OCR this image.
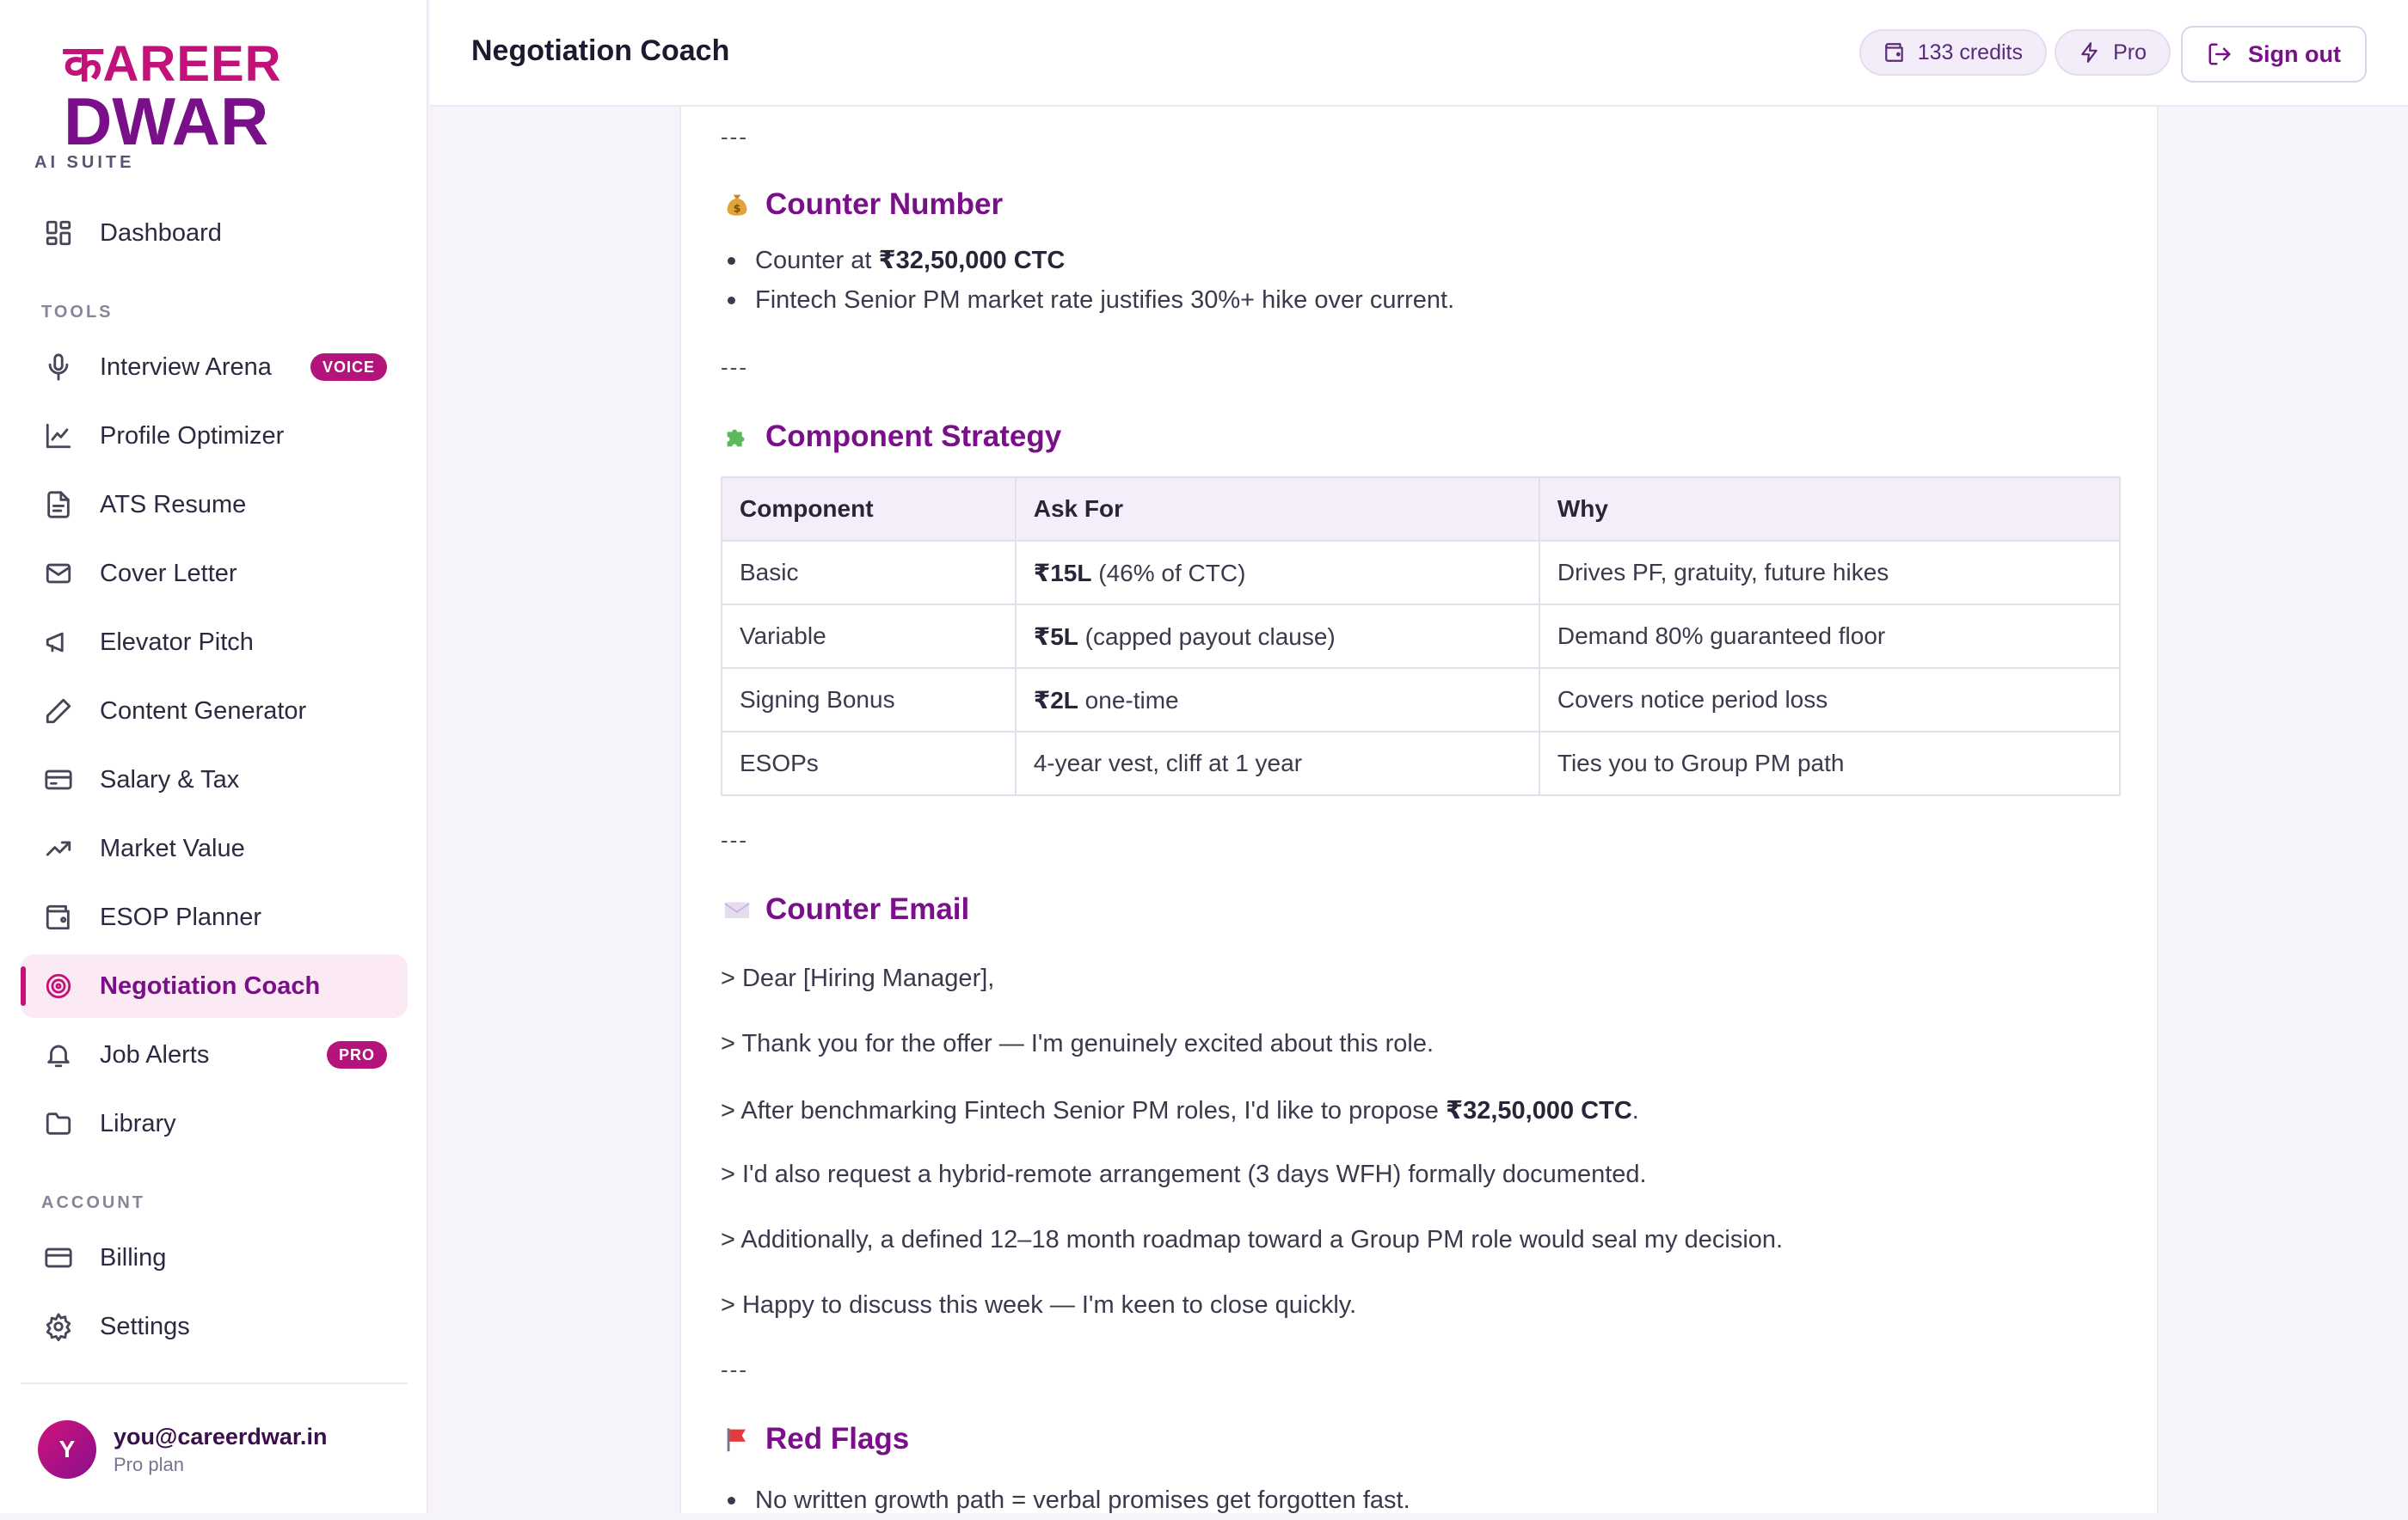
कAREER
DWAR
AI SUITE
Dashboard
TOOLS
Interview Arena	VOICE
Profile Optimizer
ATS Resume
Cover Letter
Elevator Pitch
Content Generator
Salary & Tax
Market Value
ESOP Planner
Negotiation Coach
Job Alerts	PRO
Library
ACCOUNT
Billing
Settings
Y	you@careerdwar.in
Pro plan
---
$ Counter Number
Counter at ₹32,50,000 CTC
Fintech Senior PM market rate justifies 30%+ hike over current.
---
Component Strategy
Component	Ask For	Why
Basic	₹15L (46% of CTC)	Drives PF, gratuity, future hikes
Variable	₹5L (capped payout clause)	Demand 80% guaranteed floor
Signing Bonus	₹2L one-time	Covers notice period loss
ESOPs	4-year vest, cliff at 1 year	Ties you to Group PM path
---
Counter Email
> Dear [Hiring Manager],
> Thank you for the offer — I'm genuinely excited about this role.
> After benchmarking Fintech Senior PM roles, I'd like to propose ₹32,50,000 CTC.
> I'd also request a hybrid-remote arrangement (3 days WFH) formally documented.
> Additionally, a defined 12–18 month roadmap toward a Group PM role would seal my decision.
> Happy to discuss this week — I'm keen to close quickly.
---
Red Flags
No written growth path = verbal promises get forgotten fast.
Negotiation Coach	133 credits	Pro	Sign out
